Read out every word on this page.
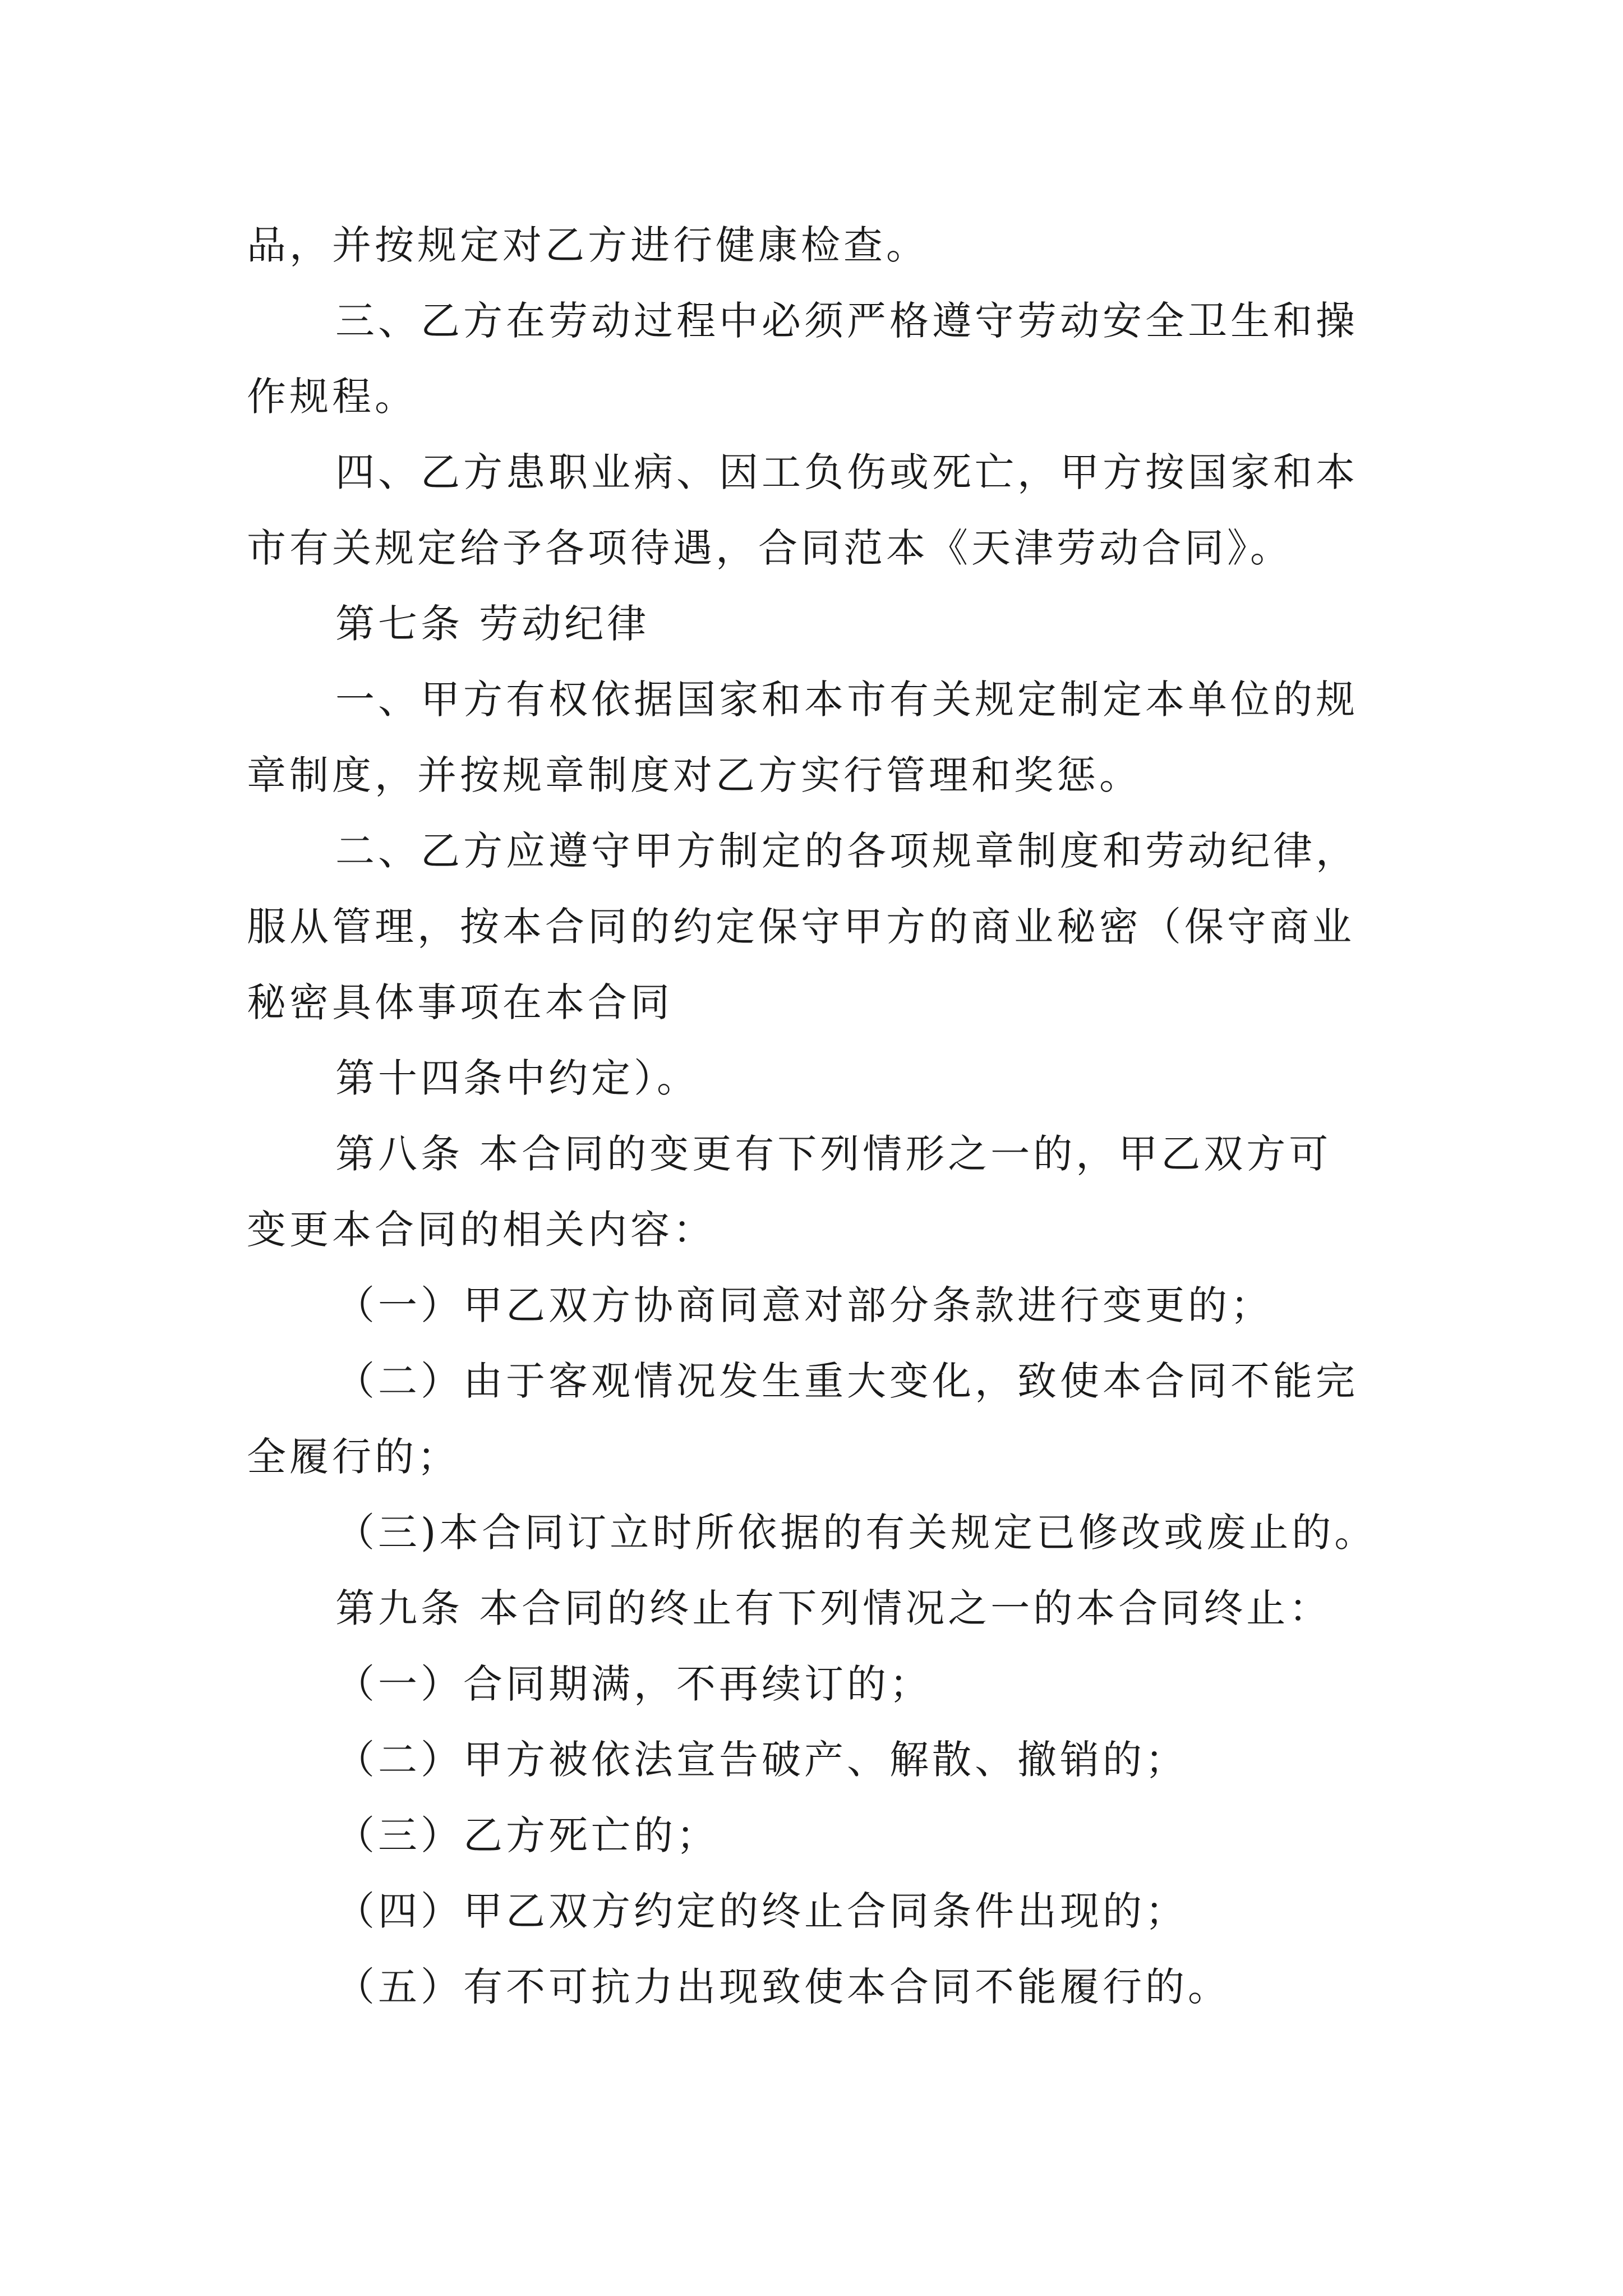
品，并按规定对乙方进行健康检查。
三、乙方在劳动过程中必须严格遵守劳动安全卫生和操
作规程。
四、乙方患职业病、因工负伤或死亡，甲方按国家和本
市有关规定给予各项待遇，合同范本《天津劳动合同》。
第七条 劳动纪律
一、甲方有权依据国家和本市有关规定制定本单位的规
章制度，并按规章制度对乙方实行管理和奖惩。
二、乙方应遵守甲方制定的各项规章制度和劳动纪律，
服从管理，按本合同的约定保守甲方的商业秘密（保守商业
秘密具体事项在本合同
第十四条中约定）。
第八条 本合同的变更有下列情形之一的，甲乙双方可
变更本合同的相关内容：
（一）甲乙双方协商同意对部分条款进行变更的；
（二）由于客观情况发生重大变化，致使本合同不能完
全履行的；
（三)本合同订立时所依据的有关规定已修改或废止的。
第九条 本合同的终止有下列情况之一的本合同终止：
（一）合同期满，不再续订的；
（二）甲方被依法宣告破产、解散、撤销的；
（三）乙方死亡的；
（四）甲乙双方约定的终止合同条件出现的；
（五）有不可抗力出现致使本合同不能履行的。
